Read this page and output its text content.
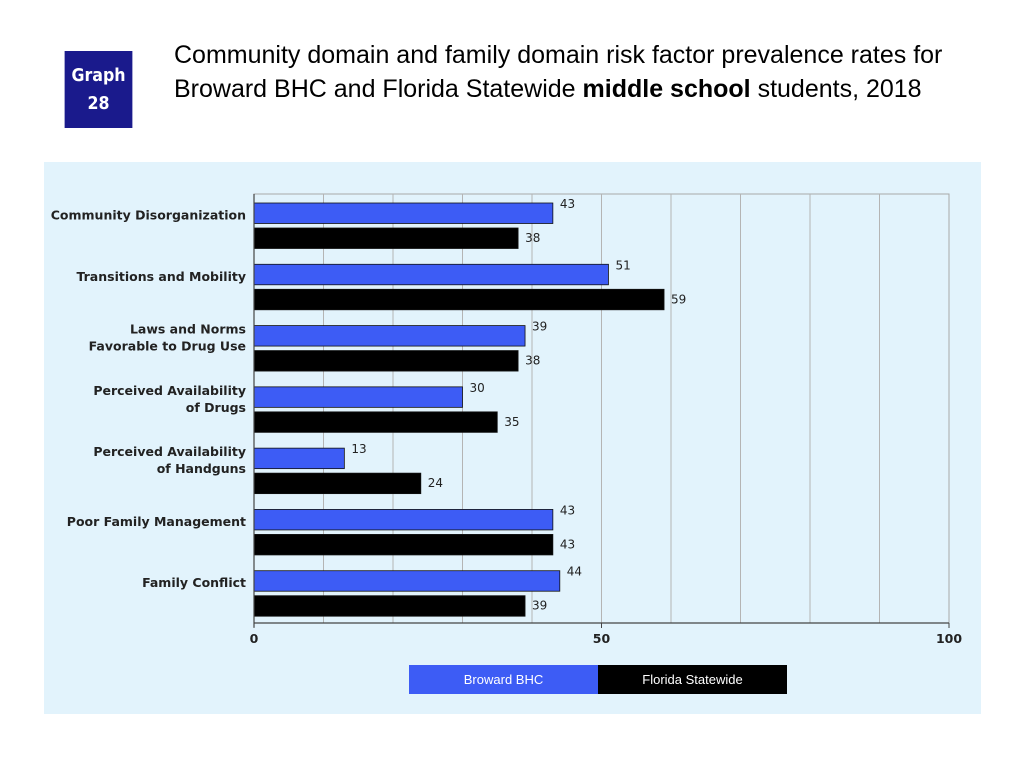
Graph
28
Community domain and family domain risk factor prevalence rates for Broward BHC and Florida Statewide middle school students, 2018
43
38
Community Disorganization
51
59
Transitions and Mobility
39
38
Laws and Norms
Favorable to Drug Use
30
35
Perceived Availability
of Drugs
13
24
Perceived Availability
of Handguns
43
43
Poor Family Management
44
39
Family Conflict
0	50	100
Broward BHC	Florida Statewide
